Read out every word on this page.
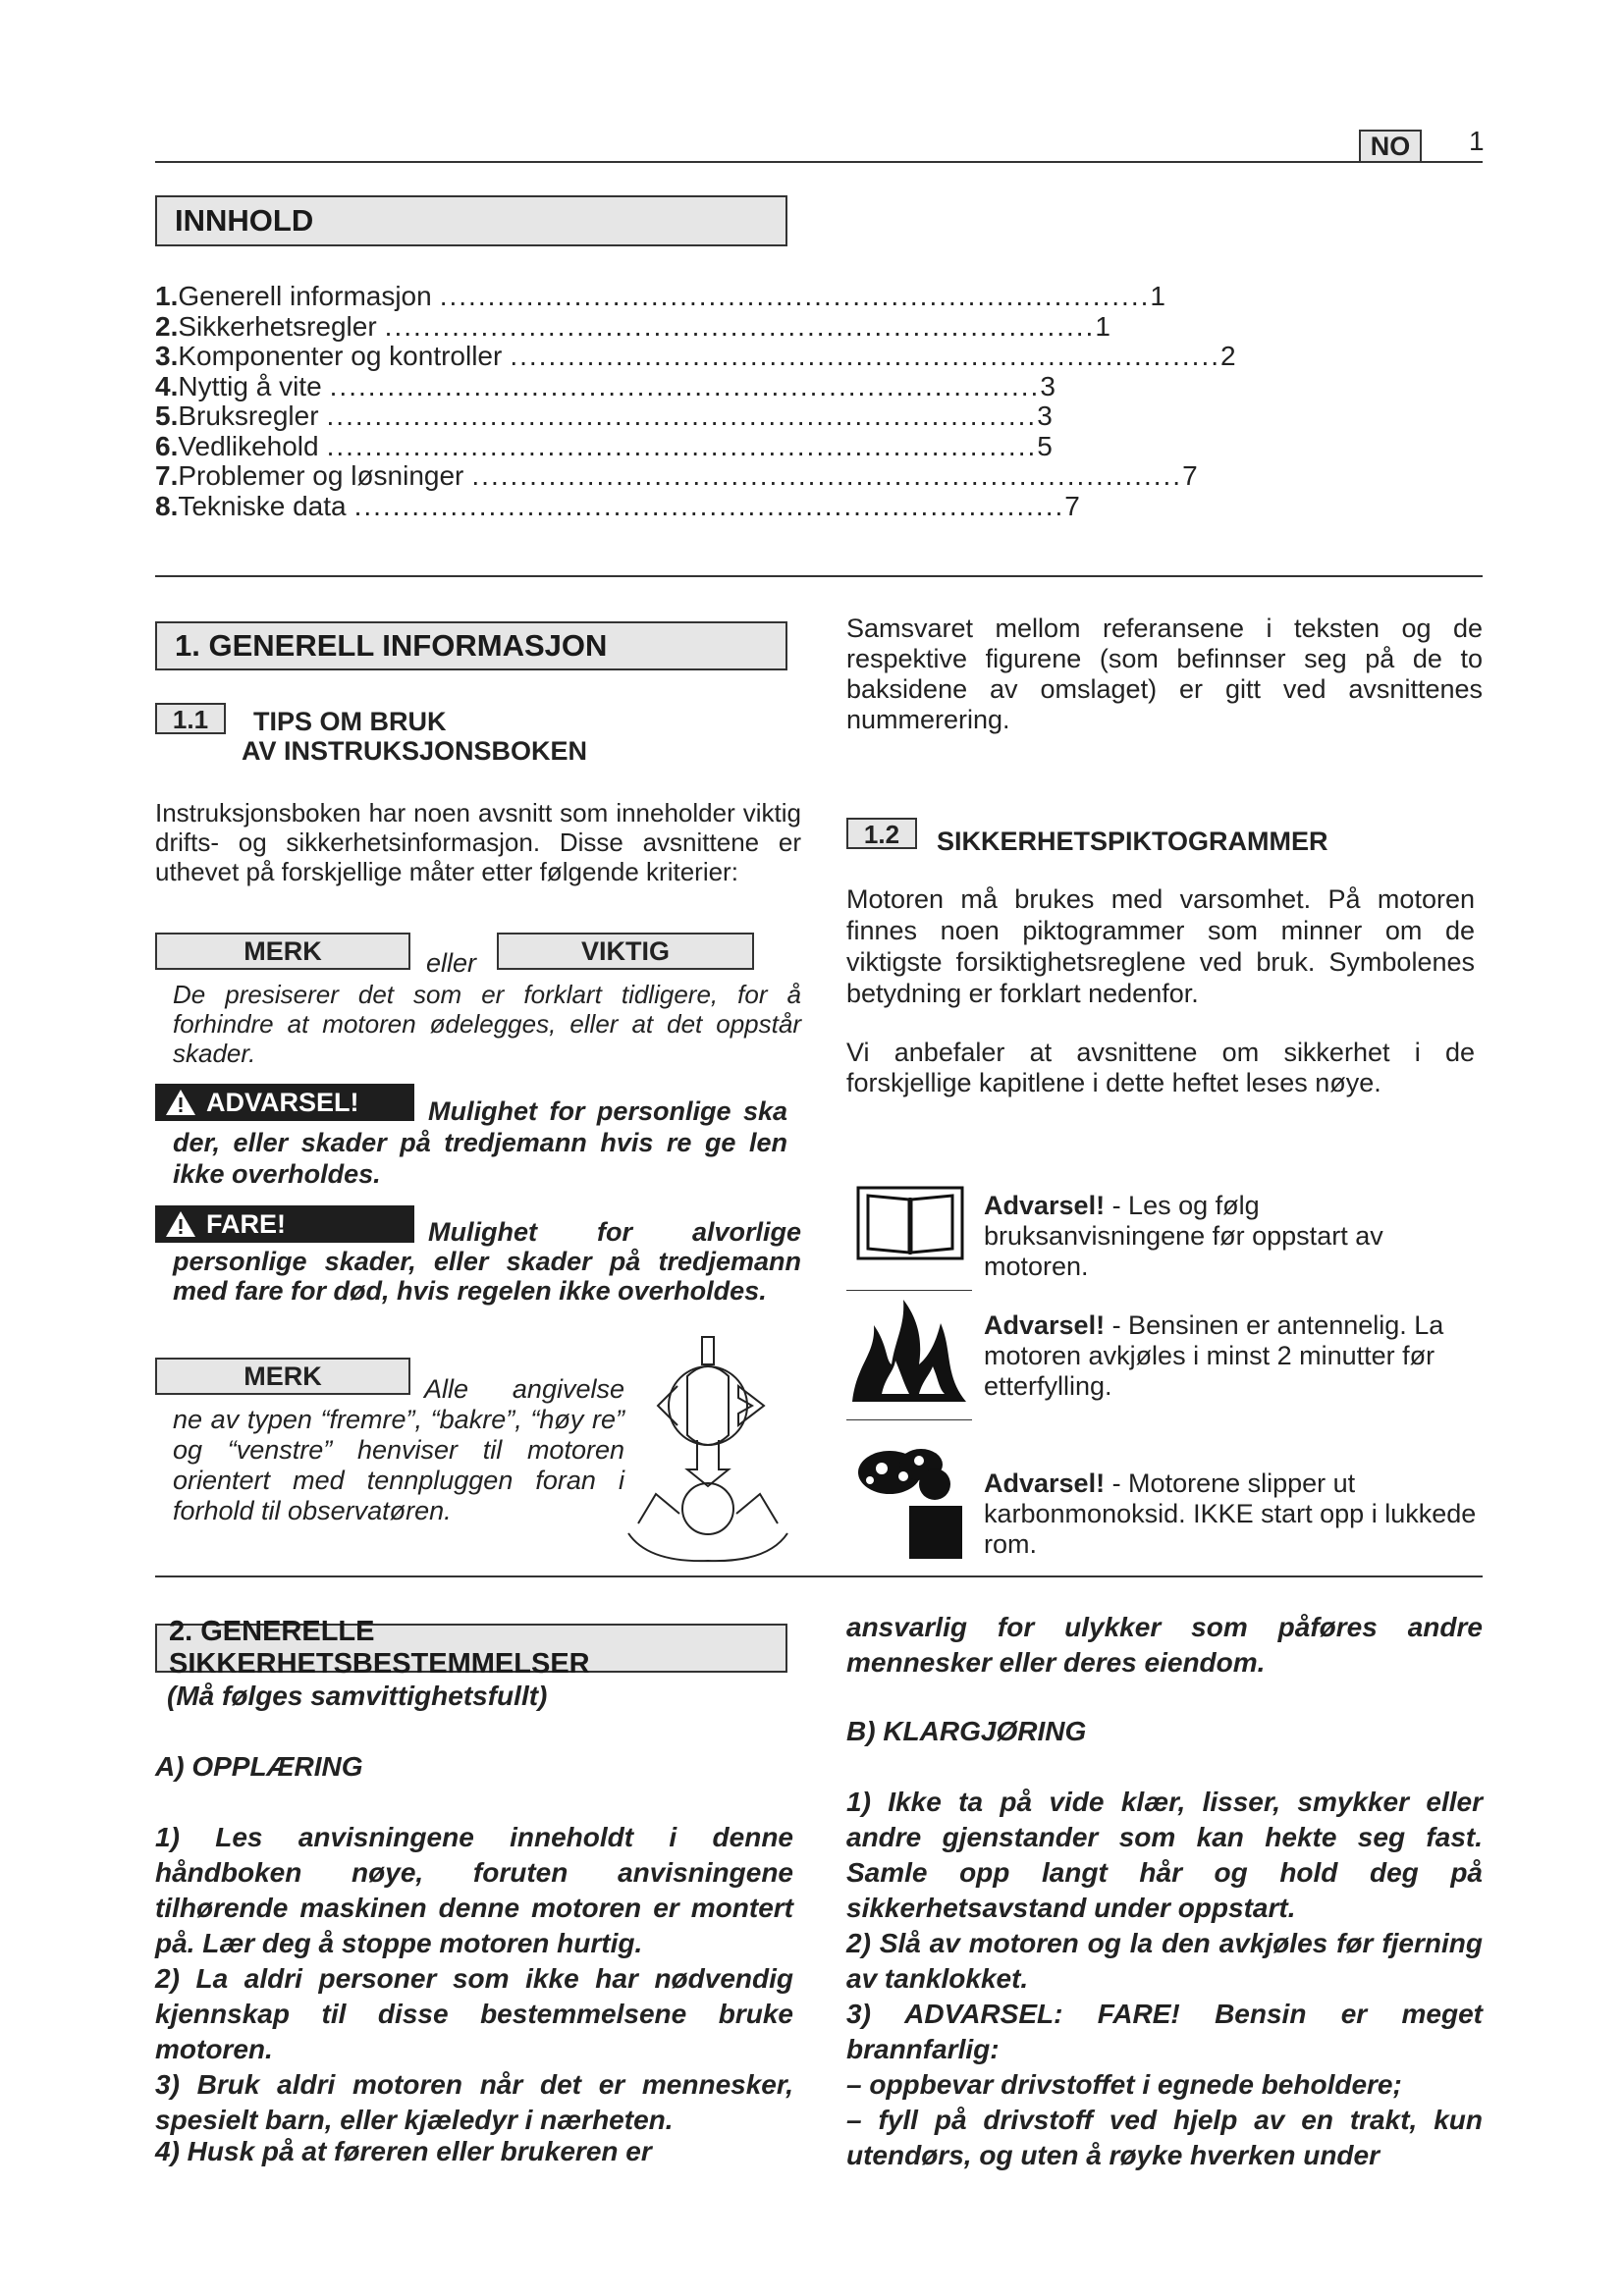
NO	1
INNHOLD
1. Generell informasjon .......................................................................... 1
2. Sikkerhetsregler .......................................................................... 1
3. Komponenter og kontroller .......................................................................... 2
4. Nyttig å vite .......................................................................... 3
5. Bruksregler .......................................................................... 3
6. Vedlikehold .......................................................................... 5
7. Problemer og løsninger .......................................................................... 7
8. Tekniske data .......................................................................... 7
1. GENERELL INFORMASJON
1.1	TIPS OM BRUK
AV INSTRUKSJONSBOKEN
Instruksjonsboken har noen avsnitt som inneholder viktig drifts- og sikkerhetsinformasjon. Disse avsnittene er uthevet på forskjellige måter etter følgende kriterier:
MERK	eller	VIKTIG
De presiserer det som er forklart tidligere, for å forhindre at motoren ødelegges, eller at det oppstår skader.
ADVARSEL!	Mulighet for personlige ska der, eller skader på tredjemann hvis re ge len ikke overholdes.
FARE!	Mulighet for alvorlige personlige skader, eller skader på tredjemann med fare for død, hvis regelen ikke overholdes.
MERK	Alle angivelse ne av typen “fremre”, “bakre”, “høy re” og “venstre” henviser til motoren orientert med tennpluggen foran i forhold til observatøren.
Samsvaret mellom referansene i teksten og de respektive figurene (som befinnser seg på de to baksidene av omslaget) er gitt ved avsnittenes nummerering.
1.2	SIKKERHETSPIKTOGRAMMER
Motoren må brukes med varsomhet. På motoren finnes noen piktogrammer som minner om de viktigste forsiktighetsreglene ved bruk. Symbolenes betydning er forklart nedenfor.
Vi anbefaler at avsnittene om sikkerhet i de forskjellige kapitlene i dette heftet leses nøye.
Advarsel! - Les og følg bruksanvisningene før oppstart av motoren.
Advarsel! - Bensinen er antennelig. La motoren avkjøles i minst 2 minutter før etterfylling.
Advarsel! - Motorene slipper ut karbonmonoksid. IKKE start opp i lukkede rom.
2. GENERELLE SIKKERHETSBESTEMMELSER
(Må følges samvittighetsfullt)
A) OPPLÆRING
1) Les anvisningene inneholdt i denne håndboken nøye, foruten anvisningene tilhørende maskinen denne motoren er montert på. Lær deg å stoppe motoren hurtig.
2) La aldri personer som ikke har nødvendig kjennskap til disse bestemmelsene bruke motoren.
3) Bruk aldri motoren når det er mennesker, spesielt barn, eller kjæledyr i nærheten.
4) Husk på at føreren eller brukeren er
ansvarlig for ulykker som påføres andre mennesker eller deres eiendom.
B) KLARGJØRING
1) Ikke ta på vide klær, lisser, smykker eller andre gjenstander som kan hekte seg fast. Samle opp langt hår og hold deg på sikkerhetsavstand under oppstart.
2) Slå av motoren og la den avkjøles før fjerning av tanklokket.
3) ADVARSEL: FARE! Bensin er meget brannfarlig:
– oppbevar drivstoffet i egnede beholdere;
– fyll på drivstoff ved hjelp av en trakt, kun utendørs, og uten å røyke hverken under
